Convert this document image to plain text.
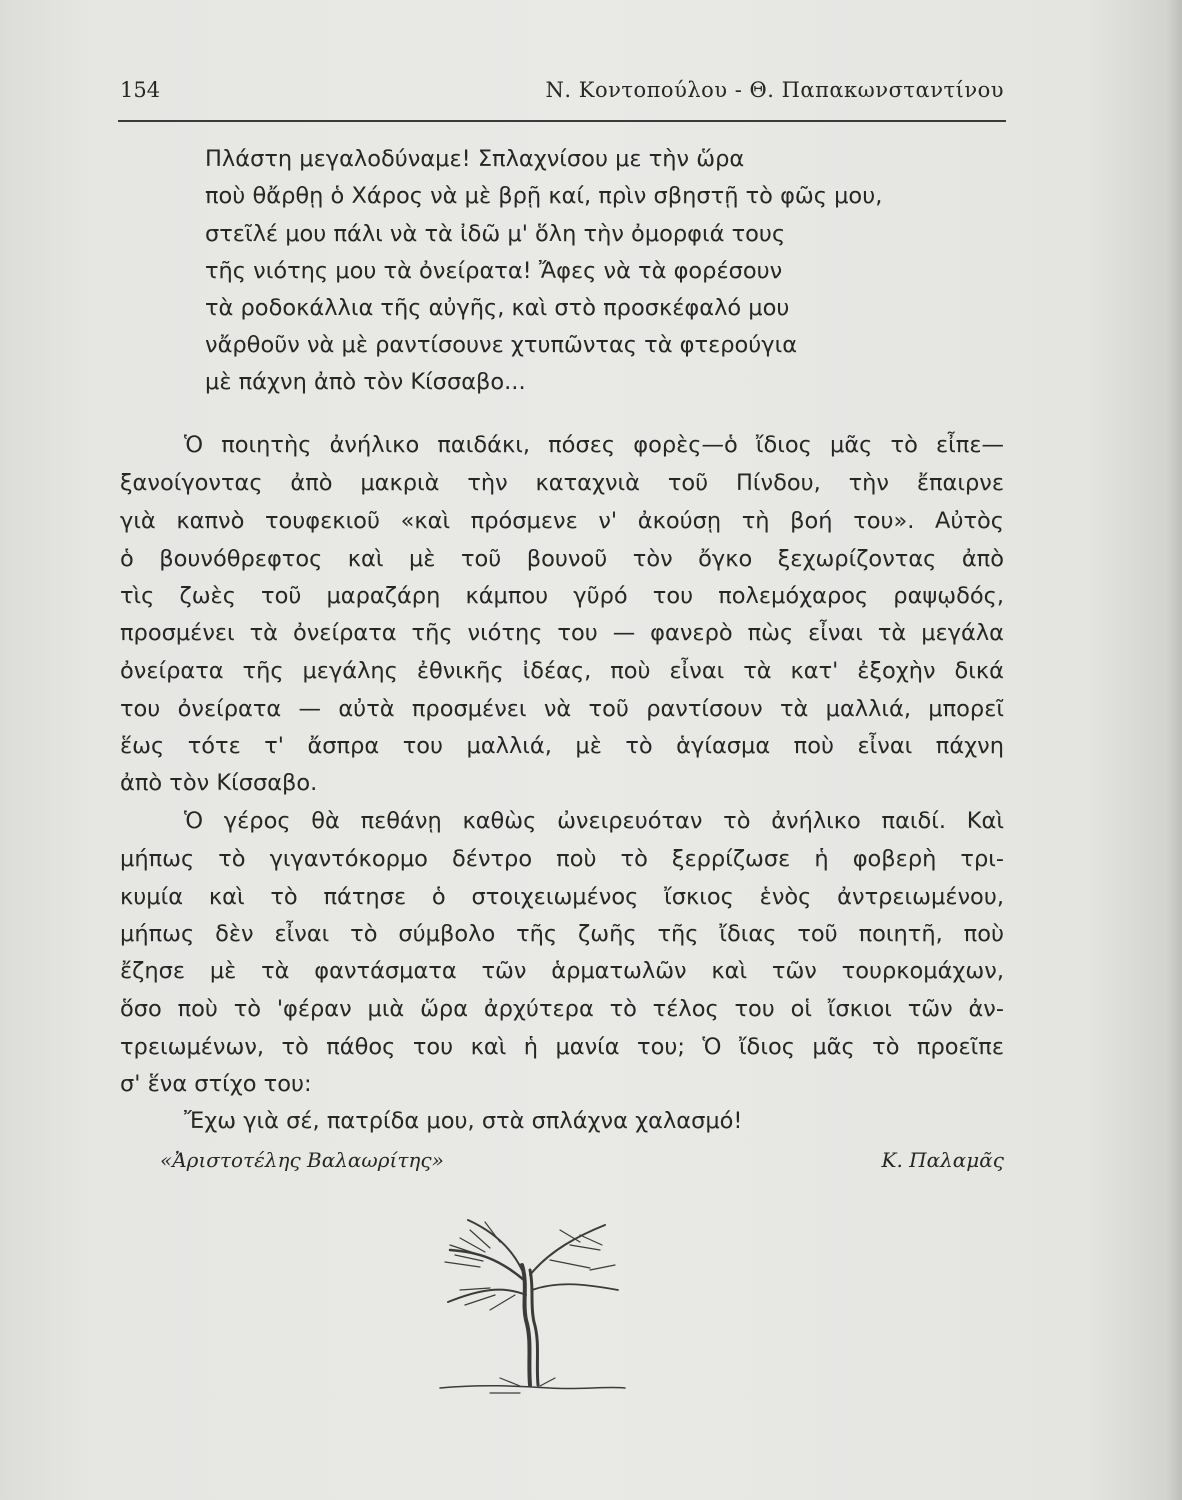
154	Ν. Κοντοπούλου - Θ. Παπακωνσταντίνου
Πλάστη μεγαλοδύναμε! Σπλαχνίσου με τὴν ὥρα
ποὺ θἄρθῃ ὁ Χάρος νὰ μὲ βρῇ καί, πρὶν σβηστῇ τὸ φῶς μου,
στεῖλέ μου πάλι νὰ τὰ ἰδῶ μ' ὅλη τὴν ὀμορφιά τους
τῆς νιότης μου τὰ ὀνείρατα! Ἄφες νὰ τὰ φορέσουν
τὰ ροδοκάλλια τῆς αὐγῆς, καὶ στὸ προσκέφαλό μου
νἄρθοῦν νὰ μὲ ραντίσουνε χτυπῶντας τὰ φτερούγια
μὲ πάχνη ἀπὸ τὸν Κίσσαβο...
Ὁ ποιητὴς ἀνήλικο παιδάκι, πόσες φορὲς—ὁ ἴδιος μᾶς τὸ εἶπε—
ξανοίγοντας ἀπὸ μακριὰ τὴν καταχνιὰ τοῦ Πίνδου, τὴν ἔπαιρνε
γιὰ καπνὸ τουφεκιοῦ «καὶ πρόσμενε ν' ἀκούσῃ τὴ βοή του». Αὐτὸς
ὁ βουνόθρεφτος καὶ μὲ τοῦ βουνοῦ τὸν ὄγκο ξεχωρίζοντας ἀπὸ
τὶς ζωὲς τοῦ μαραζάρη κάμπου γῦρό του πολεμόχαρος ραψῳδός,
προσμένει τὰ ὀνείρατα τῆς νιότης του — φανερὸ πὼς εἶναι τὰ μεγάλα
ὀνείρατα τῆς μεγάλης ἐθνικῆς ἰδέας, ποὺ εἶναι τὰ κατ' ἐξοχὴν δικά
του ὀνείρατα — αὐτὰ προσμένει νὰ τοῦ ραντίσουν τὰ μαλλιά, μπορεῖ
ἕως τότε τ' ἄσπρα του μαλλιά, μὲ τὸ ἁγίασμα ποὺ εἶναι πάχνη
ἀπὸ τὸν Κίσσαβο.
Ὁ γέρος θὰ πεθάνῃ καθὼς ὠνειρευόταν τὸ ἀνήλικο παιδί. Καὶ
μήπως τὸ γιγαντόκορμο δέντρο ποὺ τὸ ξερρίζωσε ἡ φοβερὴ τρι-
κυμία καὶ τὸ πάτησε ὁ στοιχειωμένος ἴσκιος ἑνὸς ἀντρειωμένου,
μήπως δὲν εἶναι τὸ σύμβολο τῆς ζωῆς τῆς ἴδιας τοῦ ποιητῆ, ποὺ
ἔζησε μὲ τὰ φαντάσματα τῶν ἁρματωλῶν καὶ τῶν τουρκομάχων,
ὅσο ποὺ τὸ 'φέραν μιὰ ὥρα ἀρχύτερα τὸ τέλος του οἱ ἴσκιοι τῶν ἀν-
τρειωμένων, τὸ πάθος του καὶ ἡ μανία του; Ὁ ἴδιος μᾶς τὸ προεῖπε
σ' ἕνα στίχο του:
Ἔχω γιὰ σέ, πατρίδα μου, στὰ σπλάχνα χαλασμό!
«Ἀριστοτέλης Βαλαωρίτης»	Κ. Παλαμᾶς
